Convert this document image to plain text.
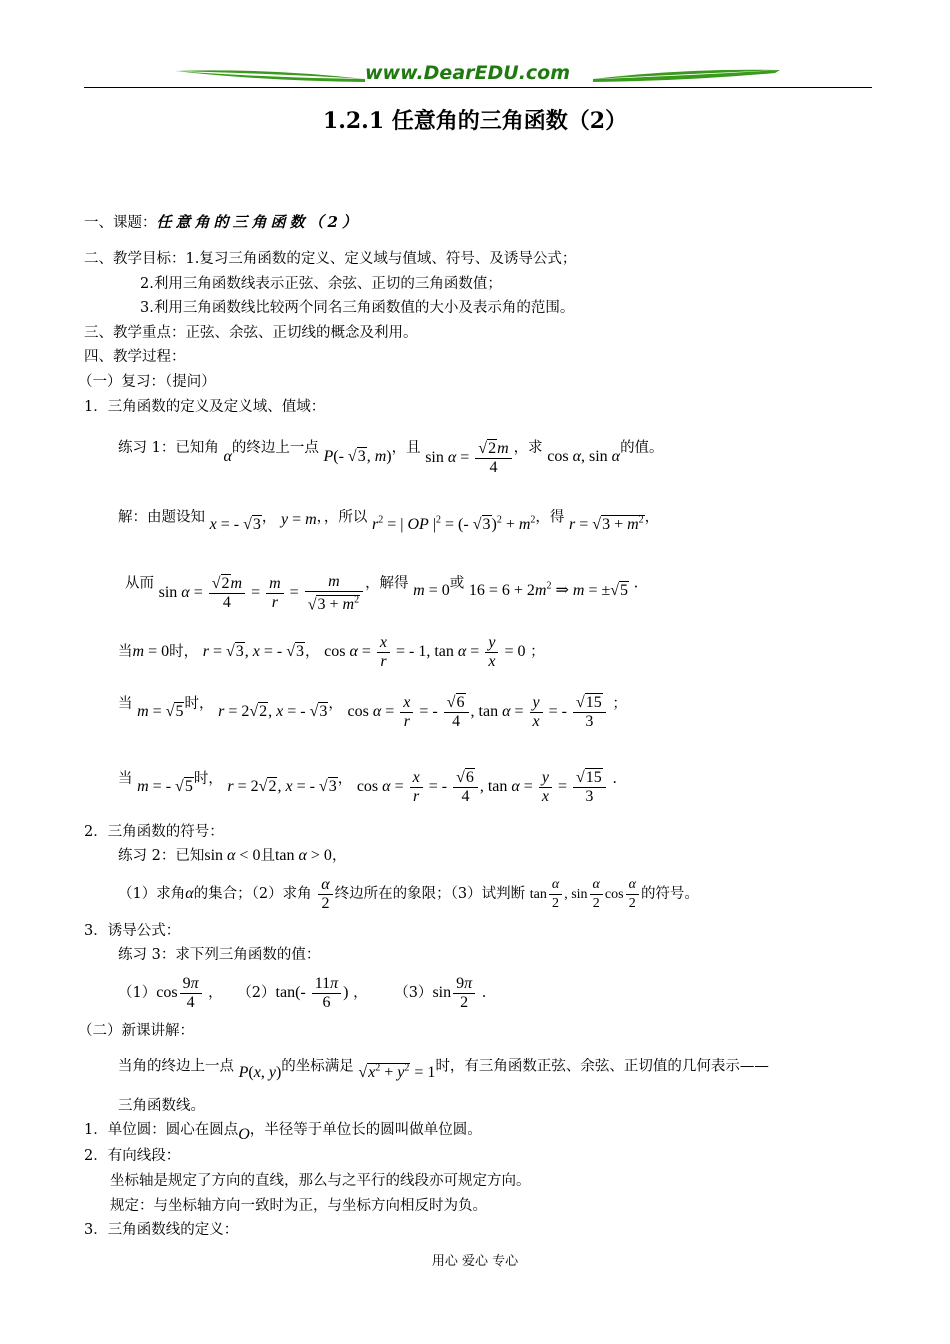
www.DearEDU.com
1.2.1 任意角的三角函数（2）
一、课题：任意角的三角函数（2）
二、教学目标：1.复习三角函数的定义、定义域与值域、符号、及诱导公式；
2.利用三角函数线表示正弦、余弦、正切的三角函数值；
3.利用三角函数线比较两个同名三角函数值的大小及表示角的范围。
三、教学重点：正弦、余弦、正切线的概念及利用。
四、教学过程：
（一）复习：（提问）
1．三角函数的定义及定义域、值域：
练习 1：已知角 α的终边上一点 P(- √3, m)，且 $\sin \alpha = \frac{√2m}{4}$ ，求 cos α, sin α的值。
解：由题设知 x = - √3， y = m，，所以 $r^2$ = | OP $|^2$ = (- $√3)^2 + m^2$，得 $r = √3 + m^2$，
从而 $\sin \alpha = \frac{√2m}{4} = \frac{m}{r} = \frac{m}{√3 + m^2}$ ，解得 m = 0或 $16 = 6 + 2m^2$ ⇒ m = ±√5 .
当m = 0时， r = √3, x = - √3， $\cos \alpha = \frac{x}{r}$ = - 1, $\tan \alpha = \frac{y}{x} = 0$ ；
当 m = √5时， r = 2√2, x = - √3， $\cos \alpha = \frac{x}{r}$ = - $\frac{√6}{4}$ , $\tan \alpha = \frac{y}{x}$ = - $\frac{√15}{3}$ ；
当 m = - √5时， r = 2√2, x = - √3， $\cos \alpha = \frac{x}{r}$ = - $\frac{√6}{4}$ , $\tan \alpha = \frac{y}{x} = \frac{√15}{3}$ .
2．三角函数的符号：
练习 2：已知sin α < 0且tan α > 0，
（1）求角α的集合；（2）求角 $\frac{\alpha}{2}$ 终边所在的象限；（3）试判断 $\tan \frac{\alpha}{2}$ , $\sin \frac{\alpha}{2}$ $\cos \frac{\alpha}{2}$ 的符号。
3．诱导公式：
练习 3：求下列三角函数的值：
$(1)\cos \frac{9\pi}{4}$ ， $(2)\tan(- \frac{11\pi}{6}$ ) ， $(3)\sin \frac{9\pi}{2}$ .
（二）新课讲解：
当角的终边上一点 P(x, y)的坐标满足 $√x^2 + y^2 = 1$时，有三角函数正弦、余弦、正切值的几何表示——
三角函数线。
1．单位圆：圆心在圆点O，半径等于单位长的圆叫做单位圆。
2．有向线段：
坐标轴是规定了方向的直线，那么与之平行的线段亦可规定方向。
规定：与坐标轴方向一致时为正，与坐标方向相反时为负。
3．三角函数线的定义：
用心 爱心 专心
